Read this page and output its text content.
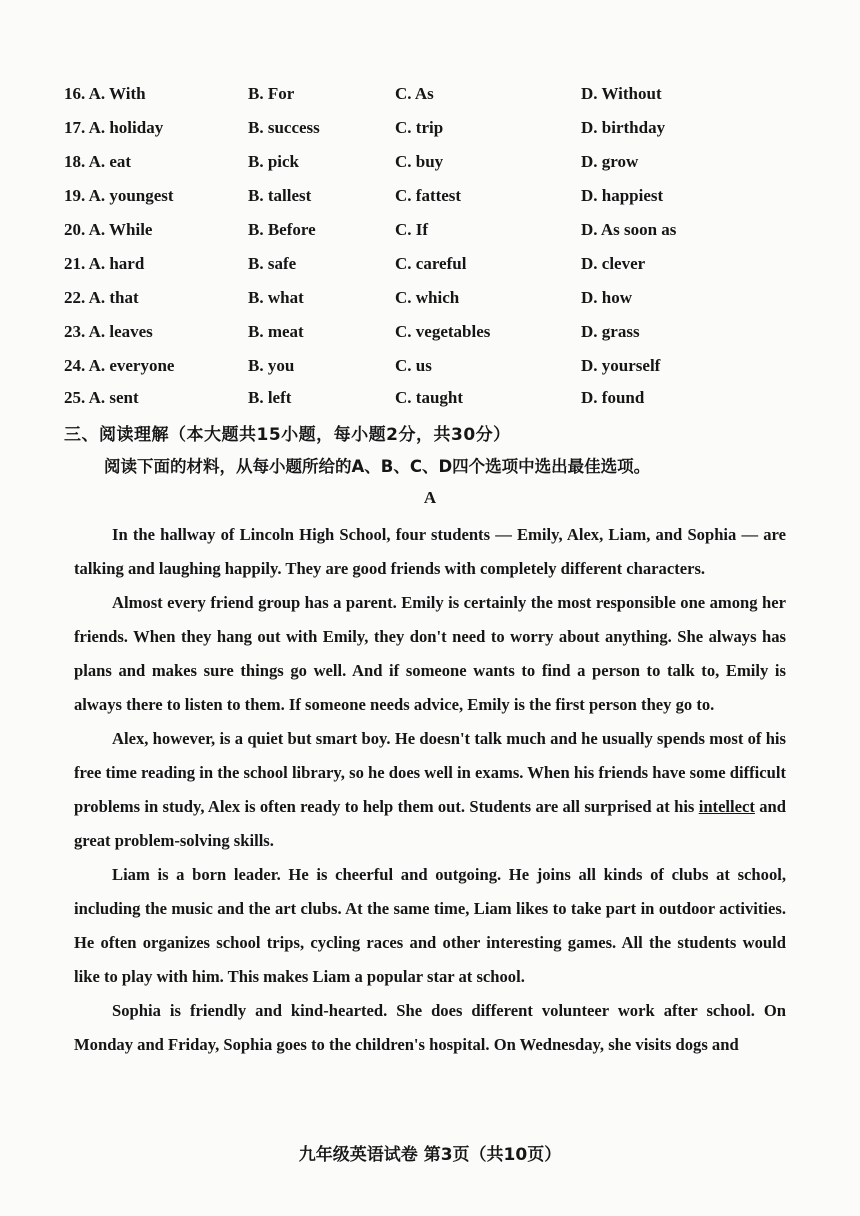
16. A. With	B. For	C. As	D. Without
17. A. holiday	B. success	C. trip	D. birthday
18. A. eat	B. pick	C. buy	D. grow
19. A. youngest	B. tallest	C. fattest	D. happiest
20. A. While	B. Before	C. If	D. As soon as
21. A. hard	B. safe	C. careful	D. clever
22. A. that	B. what	C. which	D. how
23. A. leaves	B. meat	C. vegetables	D. grass
24. A. everyone	B. you	C. us	D. yourself
25. A. sent	B. left	C. taught	D. found
三、阅读理解（本大题共15小题，每小题2分，共30分）
阅读下面的材料，从每小题所给的A、B、C、D四个选项中选出最佳选项。
A

In the hallway of Lincoln High School, four students — Emily, Alex, Liam, and Sophia — are talking and laughing happily. They are good friends with completely different characters.

Almost every friend group has a parent. Emily is certainly the most responsible one among her friends. When they hang out with Emily, they don't need to worry about anything. She always has plans and makes sure things go well. And if someone wants to find a person to talk to, Emily is always there to listen to them. If someone needs advice, Emily is the first person they go to.

Alex, however, is a quiet but smart boy. He doesn't talk much and he usually spends most of his free time reading in the school library, so he does well in exams. When his friends have some difficult problems in study, Alex is often ready to help them out. Students are all surprised at his intellect and great problem-solving skills.

Liam is a born leader. He is cheerful and outgoing. He joins all kinds of clubs at school, including the music and the art clubs. At the same time, Liam likes to take part in outdoor activities. He often organizes school trips, cycling races and other interesting games. All the students would like to play with him. This makes Liam a popular star at school.

Sophia is friendly and kind-hearted. She does different volunteer work after school. On Monday and Friday, Sophia goes to the children's hospital. On Wednesday, she visits dogs and

九年级英语试卷 第3页（共10页）
